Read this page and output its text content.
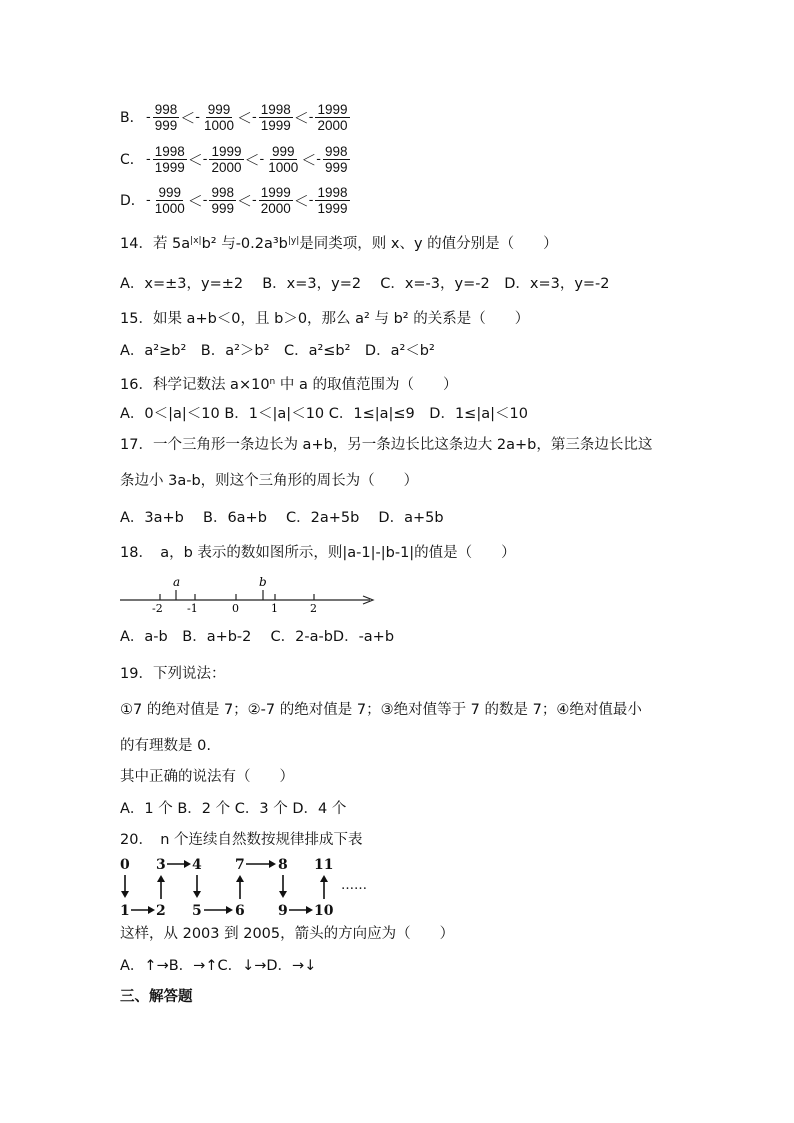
B． - $\frac{998}{999}$ ＜ - $\frac{999}{1000}$ ＜ - $\frac{1998}{1999}$ ＜ - $\frac{1999}{2000}$
C． - $\frac{1998}{1999}$ ＜ - $\frac{1999}{2000}$ ＜ - $\frac{999}{1000}$ ＜ - $\frac{998}{999}$
D． - $\frac{999}{1000}$ ＜ - $\frac{998}{999}$ ＜ - $\frac{1999}{2000}$ ＜ - $\frac{1998}{1999}$
14．若 $5a^{|x|}b^2$ 与$-0.2a^3b^{|y|}$是同类项，则 x、y 的值分别是（　　）
A．x=±3，y=±2　 B．x=3，y=2　 C．x=-3，y=-2　D．x=3，y=-2
15．如果 a+b＜0，且 b＞0，那么 a² 与 b² 的关系是（　　）
A．a²≥b²　B．a²＞b²　C．a²≤b²　D．a²＜b²
16．科学记数法 $a\times 10^n$ 中 a 的取值范围为（　　）
A．0＜|a|＜10 B．1＜|a|＜10 C．1≤|a|≤9　D．1≤|a|＜10
17．一个三角形一条边长为 a+b，另一条边长比这条边大 2a+b，第三条边长比这
条边小 3a-b，则这个三角形的周长为（　　）
A．3a+b　 B．6a+b　 C．2a+5b　 D．a+5b
18．　a，b 表示的数如图所示，则|a-1|-|b-1|的值是（　　）
a	b
-2 -1	0	1	2
A．a-b　B．a+b-2　 C．2-a-bD．-a+b
19．下列说法：
①7 的绝对值是 7；②-7 的绝对值是 7；③绝对值等于 7 的数是 7；④绝对值最小
的有理数是 0.
其中正确的说法有（　　）
A．1 个 B．2 个 C．3 个 D．4 个
20．　n 个连续自然数按规律排成下表
0 3 4 7 8 11
1 2 5 6 9 10
……
这样，从 2003 到 2005，箭头的方向应为（　　）
A．↑→B．→↑C．↓→D．→↓
三、解答题
